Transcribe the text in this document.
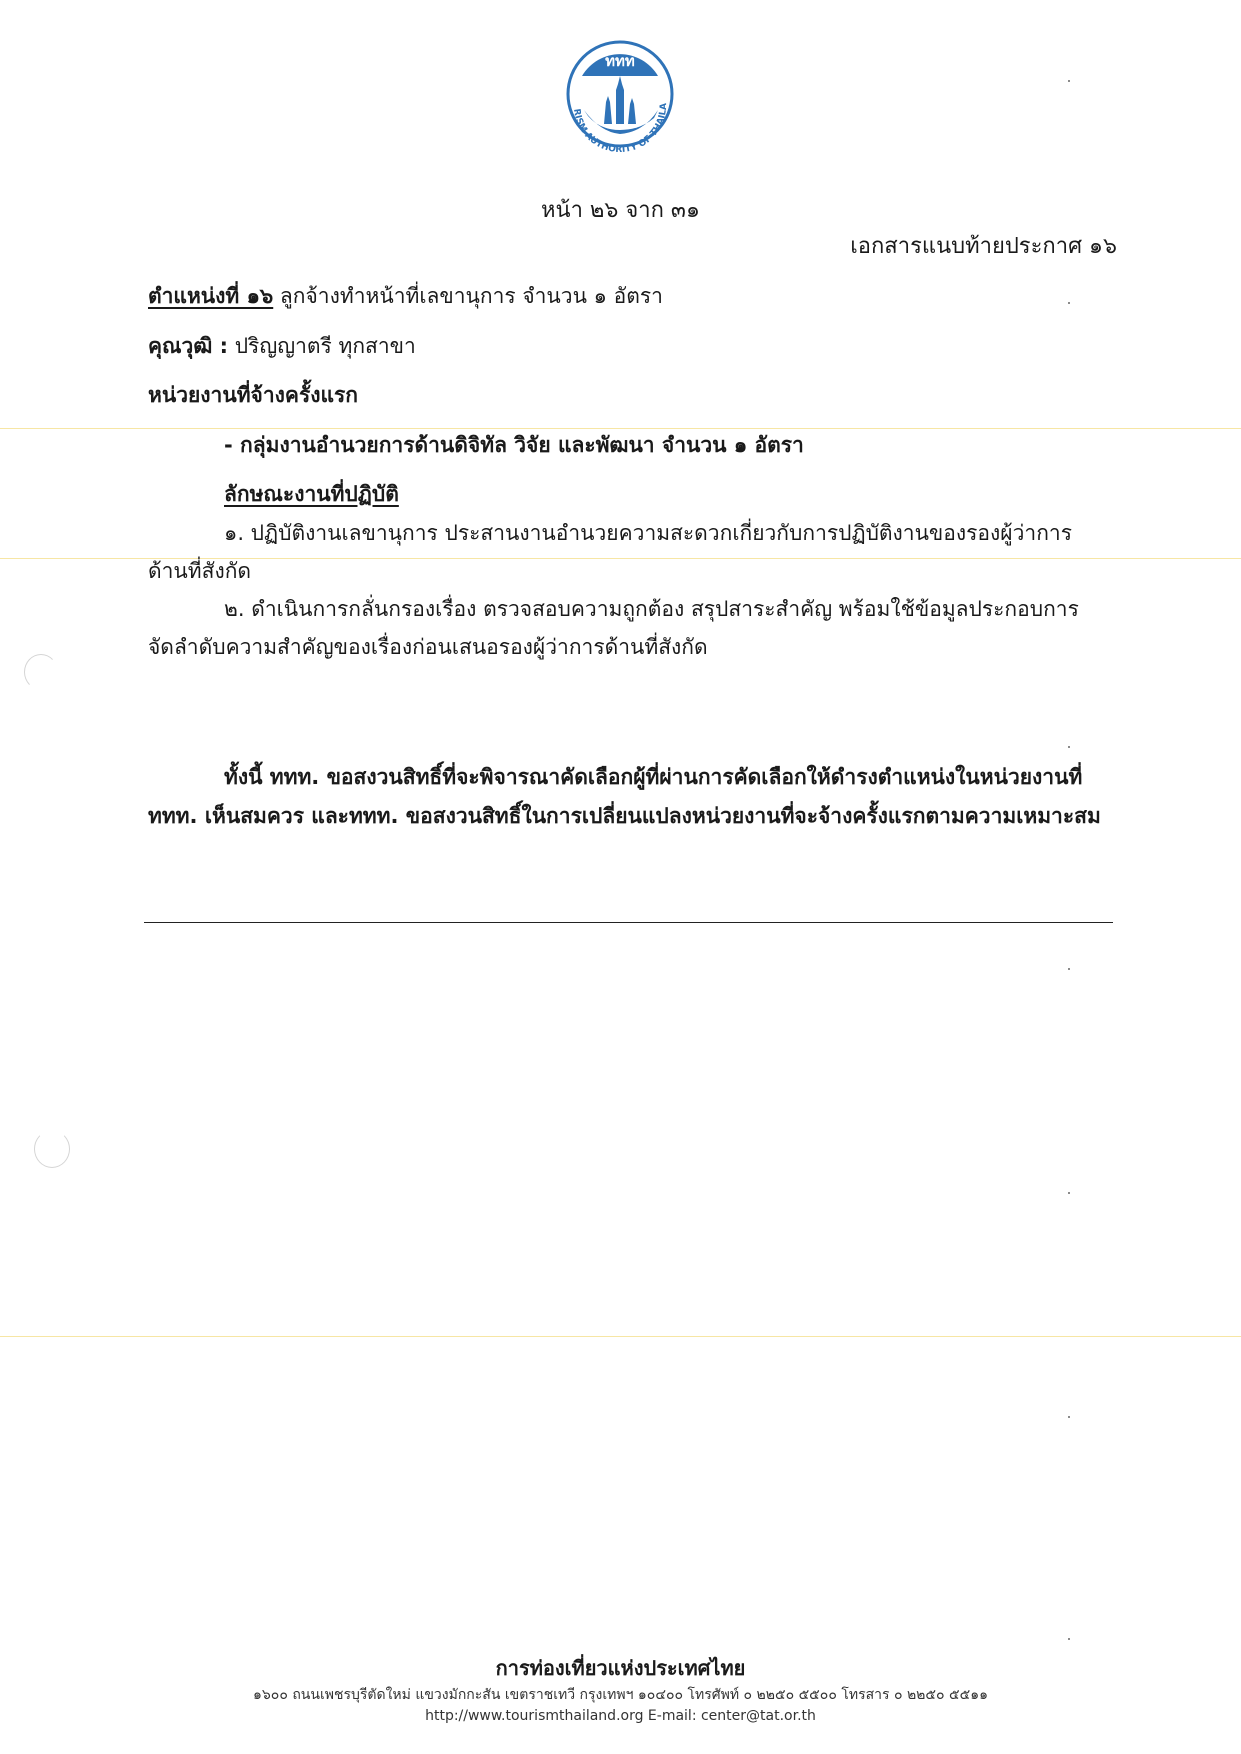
ททท
RISM AUTHORITY OF THAILA
หน้า ๒๖ จาก ๓๑
เอกสารแนบท้ายประกาศ ๑๖
ตำแหน่งที่ ๑๖ ลูกจ้างทำหน้าที่เลขานุการ จำนวน ๑ อัตรา
คุณวุฒิ : ปริญญาตรี ทุกสาขา
หน่วยงานที่จ้างครั้งแรก
- กลุ่มงานอำนวยการด้านดิจิทัล วิจัย และพัฒนา จำนวน ๑ อัตรา
ลักษณะงานที่ปฏิบัติ
๑. ปฏิบัติงานเลขานุการ ประสานงานอำนวยความสะดวกเกี่ยวกับการปฏิบัติงานของรองผู้ว่าการ
ด้านที่สังกัด
๒. ดำเนินการกลั่นกรองเรื่อง ตรวจสอบความถูกต้อง สรุปสาระสำคัญ พร้อมใช้ข้อมูลประกอบการ
จัดลำดับความสำคัญของเรื่องก่อนเสนอรองผู้ว่าการด้านที่สังกัด
ทั้งนี้ ททท. ขอสงวนสิทธิ์ที่จะพิจารณาคัดเลือกผู้ที่ผ่านการคัดเลือกให้ดำรงตำแหน่งในหน่วยงานที่
ททท. เห็นสมควร และททท. ขอสงวนสิทธิ์ในการเปลี่ยนแปลงหน่วยงานที่จะจ้างครั้งแรกตามความเหมาะสม
การท่องเที่ยวแห่งประเทศไทย
๑๖๐๐ ถนนเพชรบุรีตัดใหม่ แขวงมักกะสัน เขตราชเทวี กรุงเทพฯ ๑๐๔๐๐ โทรศัพท์ ๐ ๒๒๕๐ ๕๕๐๐ โทรสาร ๐ ๒๒๕๐ ๕๕๑๑
http://www.tourismthailand.org E-mail: center@tat.or.th
